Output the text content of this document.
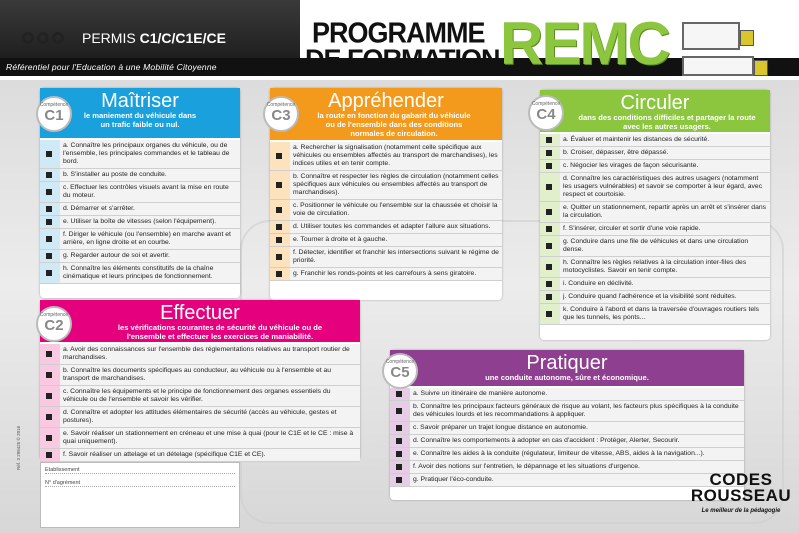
PERMIS C1/C/C1E/CE
Référentiel pour l'Education à une Mobilité Citoyenne
PROGRAMME
DE FORMATION REMC
Maîtriser
le maniement du véhicule dans un trafic faible ou nul.
a. Connaître les principaux organes du véhicule, ou de l'ensemble, les principales commandes et le tableau de bord.
b. S'installer au poste de conduite.
c. Effectuer les contrôles visuels avant la mise en route du moteur.
d. Démarrer et s'arrêter.
e. Utiliser la boîte de vitesses (selon l'équipement).
f. Diriger le véhicule (ou l'ensemble) en marche avant et arrière, en ligne droite et en courbe.
g. Regarder autour de soi et avertir.
h. Connaître les éléments constitutifs de la chaîne cinématique et leurs principes de fonctionnement.
Compétence
C1
Appréhender
la route en fonction du gabarit du véhicule ou de l'ensemble dans des conditions normales de circulation.
a. Rechercher la signalisation (notamment celle spécifique aux véhicules ou ensembles affectés au transport de marchandises), les indices utiles et en tenir compte.
b. Connaître et respecter les règles de circulation (notamment celles spécifiques aux véhicules ou ensembles affectés au transport de marchandises).
c. Positionner le véhicule ou l'ensemble sur la chaussée et choisir la voie de circulation.
d. Utiliser toutes les commandes et adapter l'allure aux situations.
e. Tourner à droite et à gauche.
f. Détecter, identifier et franchir les intersections suivant le régime de priorité.
g. Franchir les ronds-points et les carrefours à sens giratoire.
Compétence
C3
Circuler
dans des conditions difficiles et partager la route avec les autres usagers.
a. Évaluer et maintenir les distances de sécurité.
b. Croiser, dépasser, être dépassé.
c. Négocier les virages de façon sécurisante.
d. Connaître les caractéristiques des autres usagers (notamment les usagers vulnérables) et savoir se comporter à leur égard, avec respect et courtoisie.
e. Quitter un stationnement, repartir après un arrêt et s'insérer dans la circulation.
f. S'insérer, circuler et sortir d'une voie rapide.
g. Conduire dans une file de véhicules et dans une circulation dense.
h. Connaître les règles relatives à la circulation inter-files des motocyclistes. Savoir en tenir compte.
i. Conduire en déclivité.
j. Conduire quand l'adhérence et la visibilité sont réduites.
k. Conduire à l'abord et dans la traversée d'ouvrages routiers tels que les tunnels, les ponts...
Compétence
C4
Effectuer
les vérifications courantes de sécurité du véhicule ou de l'ensemble et effectuer les exercices de maniabilité.
a. Avoir des connaissances sur l'ensemble des réglementations relatives au transport routier de marchandises.
b. Connaître les documents spécifiques au conducteur, au véhicule ou à l'ensemble et au transport de marchandises.
c. Connaître les équipements et le principe de fonctionnement des organes essentiels du véhicule ou de l'ensemble et savoir les vérifier.
d. Connaître et adopter les attitudes élémentaires de sécurité (accès au véhicule, gestes et postures).
e. Savoir réaliser un stationnement en créneau et une mise à quai (pour le C1E et le CE : mise à quai uniquement).
f. Savoir réaliser un attelage et un dételage (spécifique C1E et CE).
Compétence
C2
Pratiquer
une conduite autonome, sûre et économique.
a. Suivre un itinéraire de manière autonome.
b. Connaître les principaux facteurs généraux de risque au volant, les facteurs plus spécifiques à la conduite des véhicules lourds et les recommandations à appliquer.
c. Savoir préparer un trajet longue distance en autonomie.
d. Connaître les comportements à adopter en cas d'accident : Protéger, Alerter, Secourir.
e. Connaître les aides à la conduite (régulateur, limiteur de vitesse, ABS, aides à la navigation...).
f. Avoir des notions sur l'entretien, le dépannage et les situations d'urgence.
g. Pratiquer l'éco-conduite.
Compétence
C5
Etablissement
N° d'agrément
Réf. 3 298425 © 2016
CODES
ROUSSEAU
Le meilleur de la pédagogie
